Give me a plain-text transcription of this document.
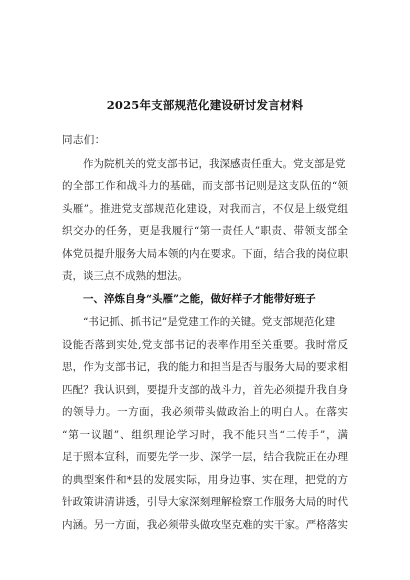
2025年支部规范化建设研讨发言材料
同志们：
作为院机关的党支部书记，我深感责任重大。党支部是党
的全部工作和战斗力的基础，而支部书记则是这支队伍的“领
头雁”。推进党支部规范化建设，对我而言，不仅是上级党组
织交办的任务，更是我履行“第一责任人”职责、带领支部全
体党员提升服务大局本领的内在要求。下面，结合我的岗位职
责，谈三点不成熟的想法。
一、淬炼自身“头雁”之能，做好样子才能带好班子
“书记抓、抓书记”是党建工作的关键。党支部规范化建
设能否落到实处,党支部书记的表率作用至关重要。我时常反
思，作为支部书记，我的能力和担当是否与服务大局的要求相
匹配？我认识到，要提升支部的战斗力，首先必须提升我自身
的领导力。一方面，我必须带头做政治上的明白人。在落实
“第一议题”、组织理论学习时，我不能只当“二传手”，满
足于照本宣科，而要先学一步、深学一层，结合我院正在办理
的典型案件和*县的发展实际，用身边事、实在理，把党的方
针政策讲清讲透，引导大家深刻理解检察工作服务大局的时代
内涵。另一方面，我必须带头做攻坚克难的实干家。严格落实
